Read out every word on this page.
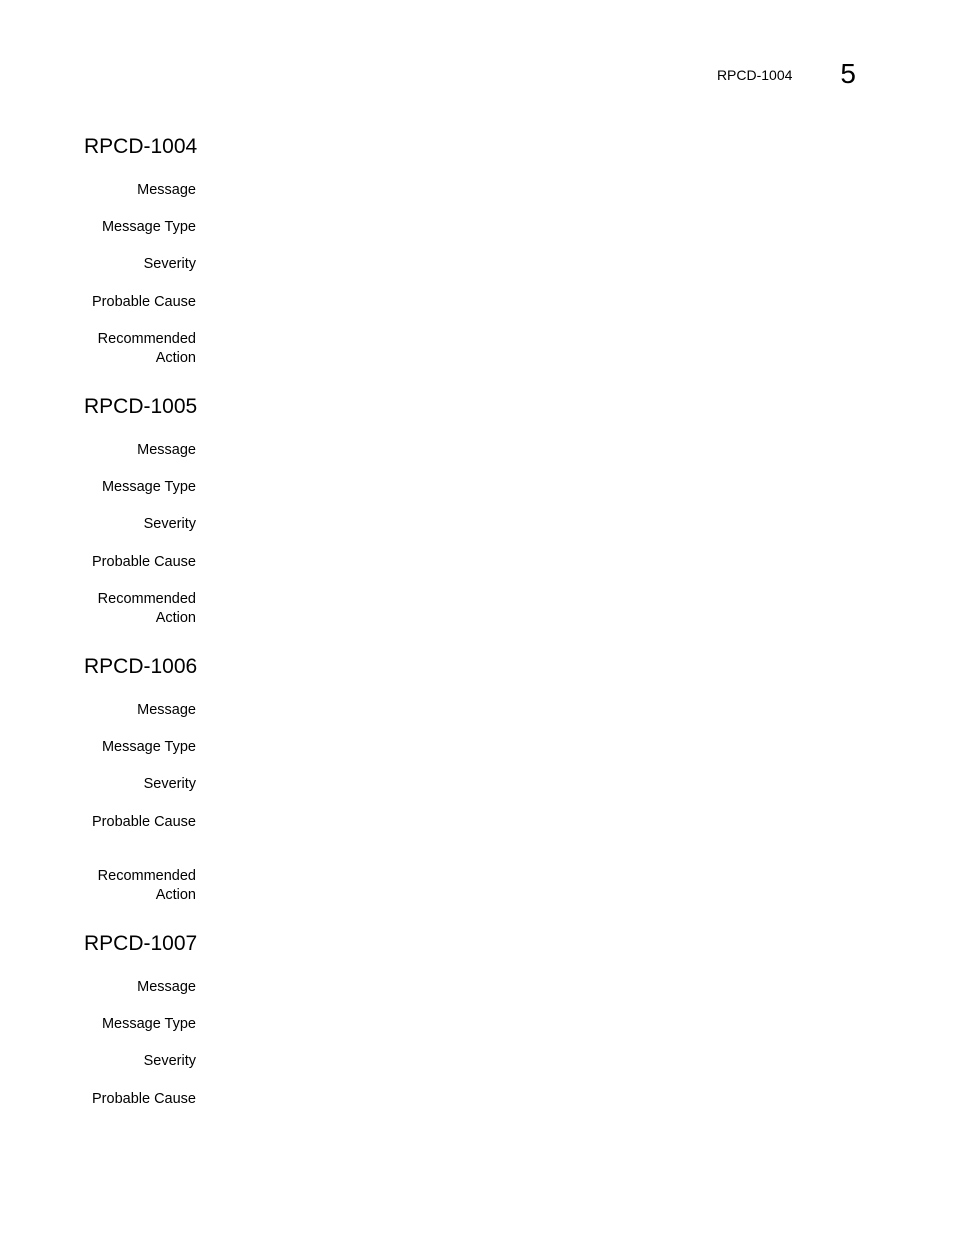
RPCD-1004 5
RPCD-1004
Message
Message Type
Severity
Probable Cause
Recommended
Action
RPCD-1005
Message
Message Type
Severity
Probable Cause
Recommended
Action
RPCD-1006
Message
Message Type
Severity
Probable Cause
Recommended
Action
RPCD-1007
Message
Message Type
Severity
Probable Cause
